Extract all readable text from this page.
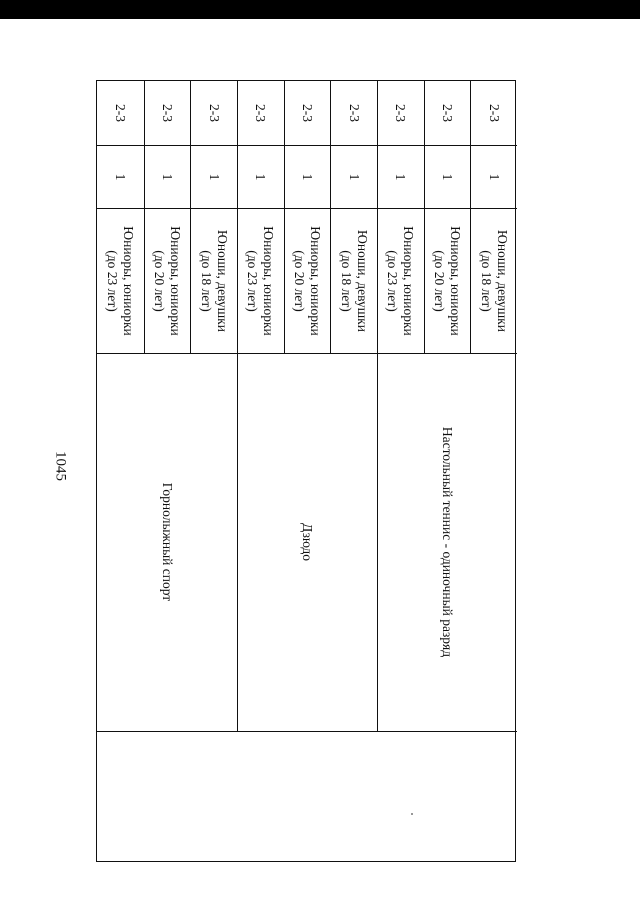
1045
Горнолыжный спорт
Юниоры, юниорки
(до 23 лет)
1
2-3
Юниоры, юниорки
(до 20 лет)
1
2-3
Юноши, девушки
(до 18 лет)
1
2-3
Дзюдо
Юниоры, юниорки
(до 23 лет)
1
2-3
Юниоры, юниорки
(до 20 лет)
1
2-3
Юноши, девушки
(до 18 лет)
1
2-3
Настольный теннис - одиночный разряд
Юниоры, юниорки
(до 23 лет)
1
2-3
Юниоры, юниорки
(до 20 лет)
1
2-3
Юноши, девушки
(до 18 лет)
1
2-3
